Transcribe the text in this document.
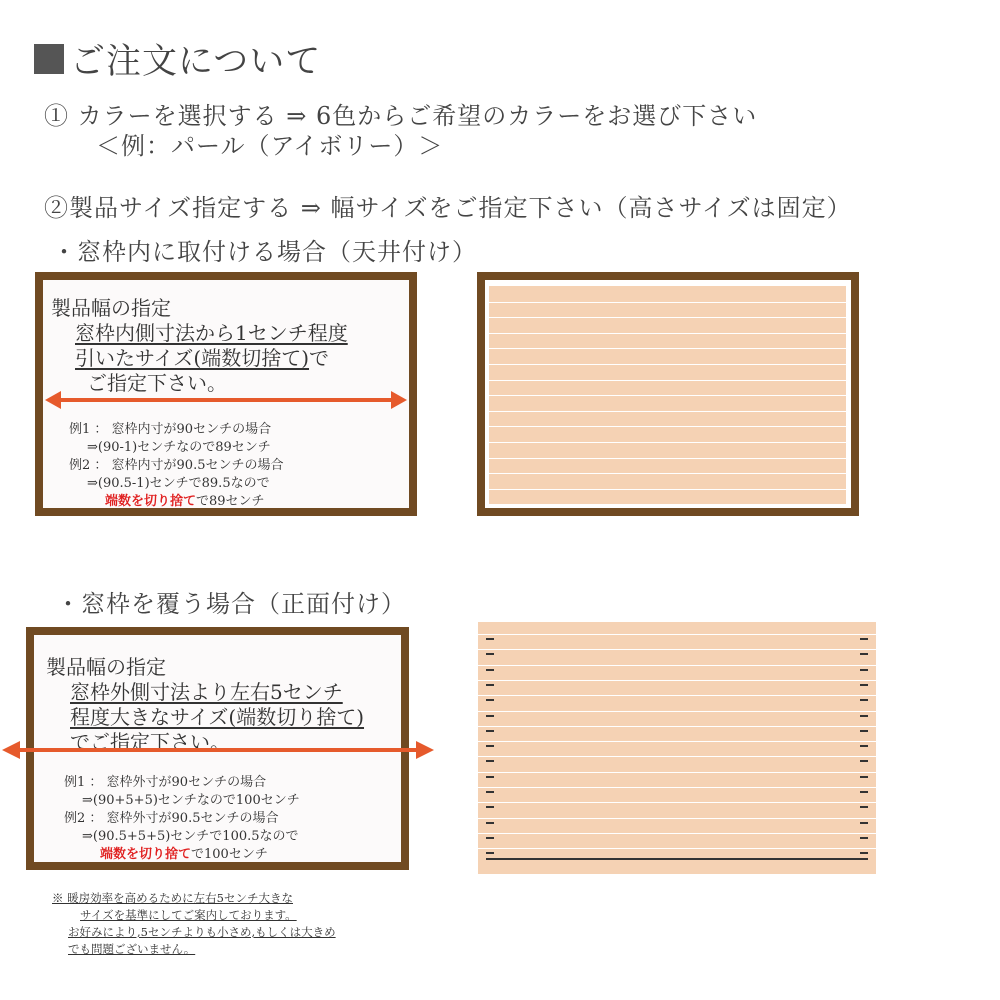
ご注文について
① カラーを選択する ⇒ 6色からご希望のカラーをお選び下さい
＜例：パール（アイボリー）＞
②製品サイズ指定する ⇒ 幅サイズをご指定下さい（高さサイズは固定）
・窓枠内に取付ける場合（天井付け）
製品幅の指定
窓枠内側寸法から1センチ程度
引いたサイズ(端数切捨て)で
ご指定下さい。
例1 ： 窓枠内寸が90センチの場合
⇒(90-1)センチなので89センチ
例2 ： 窓枠内寸が90.5センチの場合
⇒(90.5-1)センチで89.5なので
端数を切り捨てで89センチ
・窓枠を覆う場合（正面付け）
製品幅の指定
窓枠外側寸法より左右5センチ
程度大きなサイズ(端数切り捨て)
でご指定下さい。
例1 ： 窓枠外寸が90センチの場合
⇒(90+5+5)センチなので100センチ
例2 ： 窓枠外寸が90.5センチの場合
⇒(90.5+5+5)センチで100.5なので
端数を切り捨てで100センチ
※ 暖房効率を高めるために左右5センチ大きな
サイズを基準にしてご案内しております。
お好みにより,5センチよりも小さめ,もしくは大きめ
でも問題ございません。
